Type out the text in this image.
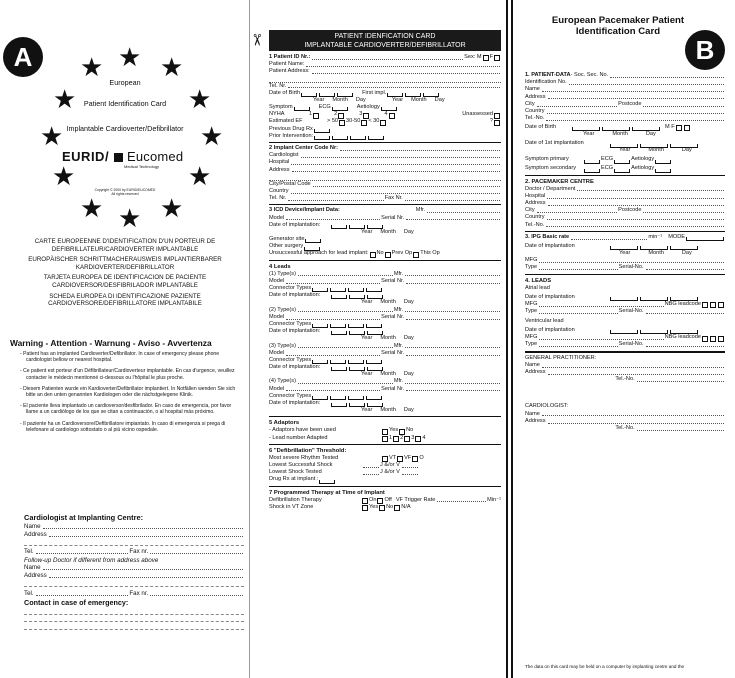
A	★
★ ★
★	★
★	★
★	★
★ ★
★
European
Patient Identification Card
Implantable Cardioverter/Defibrillator
EURID/ Eucomed
Medical Technology
Copyright © 2000 by EURID/EUCOMED
All rights reserved
CARTE EUROPEENNE D'IDENTIFICATION D'UN PORTEUR DE DEFIBRILLATEUR/CARDIOVERTER IMPLANTABLE
EUROPÄISCHER SCHRITTMACHERAUSWEIS IMPLANTIERBARER KARDIOVERTER/DEFIBRILLATOR
TARJETA EUROPEA DE IDENTIFICACION DE PACIENTE CARDIOVERSOR/DESFIBRILADOR IMPLANTABLE
SCHEDA EUROPEA DI IDENTIFICAZIONE PAZIENTE CARDIOVERSORE/DEFIBRILLATORE IMPLANTABILE
Warning - Attention - Warnung - Aviso - Avvertenza
- Patient has an implanted Cardioverter/Defibrillator. In case of emergency please phone cardiologist bellow or nearest hospital.
- Ce patient est porteur d'un Défibrillateur/Cardioverteur implantable. En cas d'urgence, veuillez contacter le médecin mentionné ci-dessous ou l'hôpital le plus proche.
- Diesem Patienten wurde ein Kardioverter/Defibrillator implantiert. In Notfällen wenden Sie sich bitte an den unten genannten Kardiologen oder die nächstgelegene Klinik.
- El paciente lleva implantado un cardioversor/desfibrilador. En caso de emergencia, por favor llame a un cardiólogo de los que se citan a continuación, o al hospital más próximo.
- Il paziente ha un Cardioversore/Defibrillatore impiantato. In caso di emergenza si prega di telefonare al cardiologo sottostato o al più vicino ospedale.
Cardiologist at Implanting Centre:
Name
Address
Tel.	Fax nr.
Follow-up Doctor if different from address above
Name
Address
Tel.	Fax nr.
Contact in case of emergency:
✂	PATIENT IDENFICATION CARD
IMPLANTABLE CARDIOVERTER/DEFIBRILLATOR
1 Patient ID Nr.:	Sex: M F
Patient Name:
Patient Address:
Tel. Nr.
Date of Birth	First impl.
Year Month Day	Year Month Day
Symptom	ECG	Aetiology
NYHA	1	2	3	4	Unassessed
Estimated EF	> 50 30-50 < 30	?
Previous Drug Rx
Prior Intervention:
2 Implant Center Code Nr:
Cardiologist
Hospital
Address
City/Postal Code
Country
Tel. Nr.	Fax Nr.
3 ICD Device/Implant Data:	Mfr.
Model	Serial Nr.
Date of implantation:
Year Month Day
Generator site
Other surgery
Unsuccessful approach for lead implant: No Prev Op This Op
4 Leads
(1) Type(s)	Mfr.
Model	Serial Nr.
Connector Types
Date of implantation:
Year Month Day
(2) Type(s)	Mfr.
Model	Serial Nr.
Connector Types
Date of implantation:
Year Month Day
(3) Type(s)	Mfr.
Model	Serial Nr.
Connector Types
Date of implantation:
Year Month Day
(4) Type(s)	Mfr.
Model	Serial Nr.
Connector Types
Date of implantation:
Year Month Day
5 Adaptors
- Adaptors have been used	Yes No
- Lead number Adapted	1 2 3 4
6 "Defibrillation" Threshold:
Most severe Rhythm Tested	VT VF O
Lowest Successful Shock	J &/or V
Lowest Shock Tested	J &/or V
Drug Rx at implant :
7 Programmed Therapy at Time of Implant
Defibrillation Therapy	On Off VF Trigger Rate	Min⁻¹
Shock in VT Zone	Yes No N/A
European Pacemaker Patient
Identification Card
B
1. PATIENT-DATA - Soc. Sec. No.
Identification No.
Name
Address
City	Postcode
Country
Tel.-No.
Date of Birth	M F
Year	Month	Day
Date of 1st implantation
Year	Month	Day
Symptom primary	ECG	Aetiology
Symptom secondary	ECG	Aetiology
2. PACEMAKER CENTRE
Doctor / Department
Hospital
Address
City	Postcode
Country
Tel.-No.
3. IPG Basic rate	min⁻¹ MODE
Date of implantation
Year	Month	Day
MFG
Type	Serial-No.
4. LEADS
Atrial lead
Date of implantation
MFG	NBG leadcode
Type	Serial-No.
Ventricular lead
Date of implantation
MFG	NBG leadcode
Type	Serial-No.
GENERAL PRACTITIONER:
Name
Address
Tel.-No.
CARDIOLOGIST:
Name
Address
Tel.-No.
The data on this card may be held on a computer by implanting centre and the
